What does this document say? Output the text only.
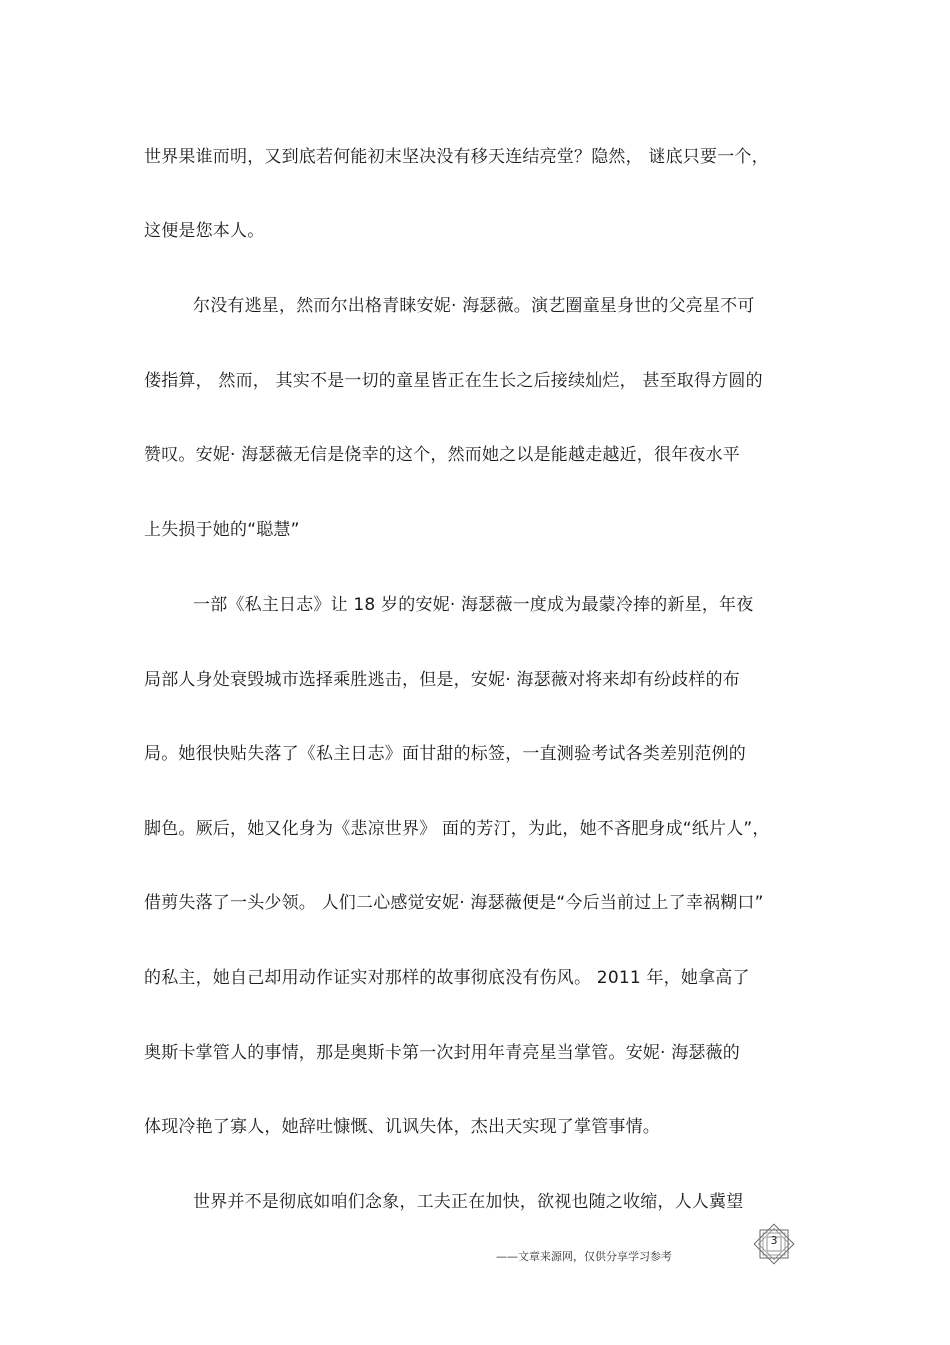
世界果谁而明，又到底若何能初末坚决没有移天连结亮堂？隐然， 谜底只要一个，
这便是您本人。
尔没有逃星，然而尔出格青睐安妮· 海瑟薇。演艺圈童星身世的父亮星不可
偻指算， 然而， 其实不是一切的童星皆正在生长之后接续灿烂， 甚至取得方圆的
赞叹。安妮· 海瑟薇无信是侥幸的这个，然而她之以是能越走越近，很年夜水平
上失损于她的“聪慧”
一部《私主日志》让 18 岁的安妮· 海瑟薇一度成为最蒙冷捧的新星，年夜
局部人身处衰毁城市选择乘胜逃击，但是，安妮· 海瑟薇对将来却有纷歧样的布
局。她很快贴失落了《私主日志》面甘甜的标签，一直测验考试各类差别范例的
脚色。厥后，她又化身为《悲凉世界》 面的芳汀，为此，她不吝肥身成“纸片人”，
借剪失落了一头少领。 人们二心感觉安妮· 海瑟薇便是“今后当前过上了幸祸糊口”
的私主，她自己却用动作证实对那样的故事彻底没有伤风。 2011 年，她拿高了
奥斯卡掌管人的事情，那是奥斯卡第一次封用年青亮星当掌管。安妮· 海瑟薇的
体现冷艳了寡人，她辞吐慷慨、讥讽失体，杰出天实现了掌管事情。
世界并不是彻底如咱们念象，工夫正在加快，欲视也随之收缩，人人冀望
3
——文章来源网，仅供分享学习参考
